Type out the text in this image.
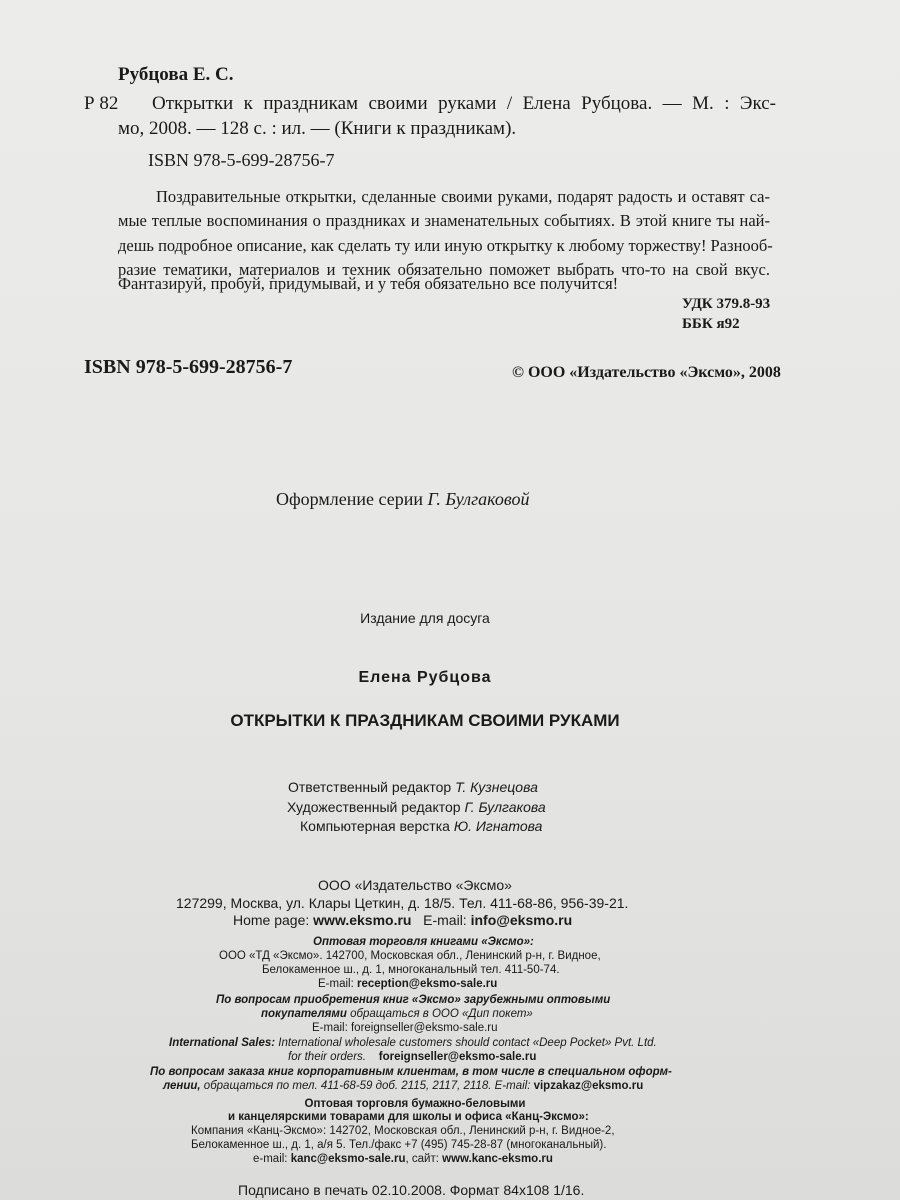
Рубцова Е. С.
Р 82 Открытки к праздникам своими руками / Елена Рубцова. — М. : Экс-
мо, 2008. — 128 с. : ил. — (Книги к праздникам).
ISBN 978-5-699-28756-7
Поздравительные открытки, сделанные своими руками, подарят радость и оставят са-
мые теплые воспоминания о праздниках и знаменательных событиях. В этой книге ты най-
дешь подробное описание, как сделать ту или иную открытку к любому торжеству! Разнооб-
разие тематики, материалов и техник обязательно поможет выбрать что-то на свой вкус.
Фантазируй, пробуй, придумывай, и у тебя обязательно все получится!
УДК 379.8-93
ББК я92
ISBN 978-5-699-28756-7	© ООО «Издательство «Эксмо», 2008
Оформление серии Г. Булгаковой
Издание для досуга
Елена Рубцова
ОТКРЫТКИ К ПРАЗДНИКАМ СВОИМИ РУКАМИ
Ответственный редактор Т. Кузнецова
Художественный редактор Г. Булгакова
Компьютерная верстка Ю. Игнатова
ООО «Издательство «Эксмо»
127299, Москва, ул. Клары Цеткин, д. 18/5. Тел. 411-68-86, 956-39-21.
Home page: www.eksmo.ru E-mail: info@eksmo.ru
Оптовая торговля книгами «Эксмо»:
ООО «ТД «Эксмо». 142700, Московская обл., Ленинский р-н, г. Видное,
Белокаменное ш., д. 1, многоканальный тел. 411-50-74.
E-mail: reception@eksmo-sale.ru
По вопросам приобретения книг «Эксмо» зарубежными оптовыми
покупателями обращаться в ООО «Дип покет»
E-mail: foreignseller@eksmo-sale.ru
International Sales: International wholesale customers should contact «Deep Pocket» Pvt. Ltd.
for their orders. foreignseller@eksmo-sale.ru
По вопросам заказа книг корпоративным клиентам, в том числе в специальном оформ-
лении, обращаться по тел. 411-68-59 доб. 2115, 2117, 2118. E-mail: vipzakaz@eksmo.ru
Оптовая торговля бумажно-беловыми
и канцелярскими товарами для школы и офиса «Канц-Эксмо»:
Компания «Канц-Эксмо»: 142702, Московская обл., Ленинский р-н, г. Видное-2,
Белокаменное ш., д. 1, а/я 5. Тел./факс +7 (495) 745-28-87 (многоканальный).
e-mail: kanc@eksmo-sale.ru, сайт: www.kanc-eksmo.ru
Подписано в печать 02.10.2008. Формат 84х108 1/16.
